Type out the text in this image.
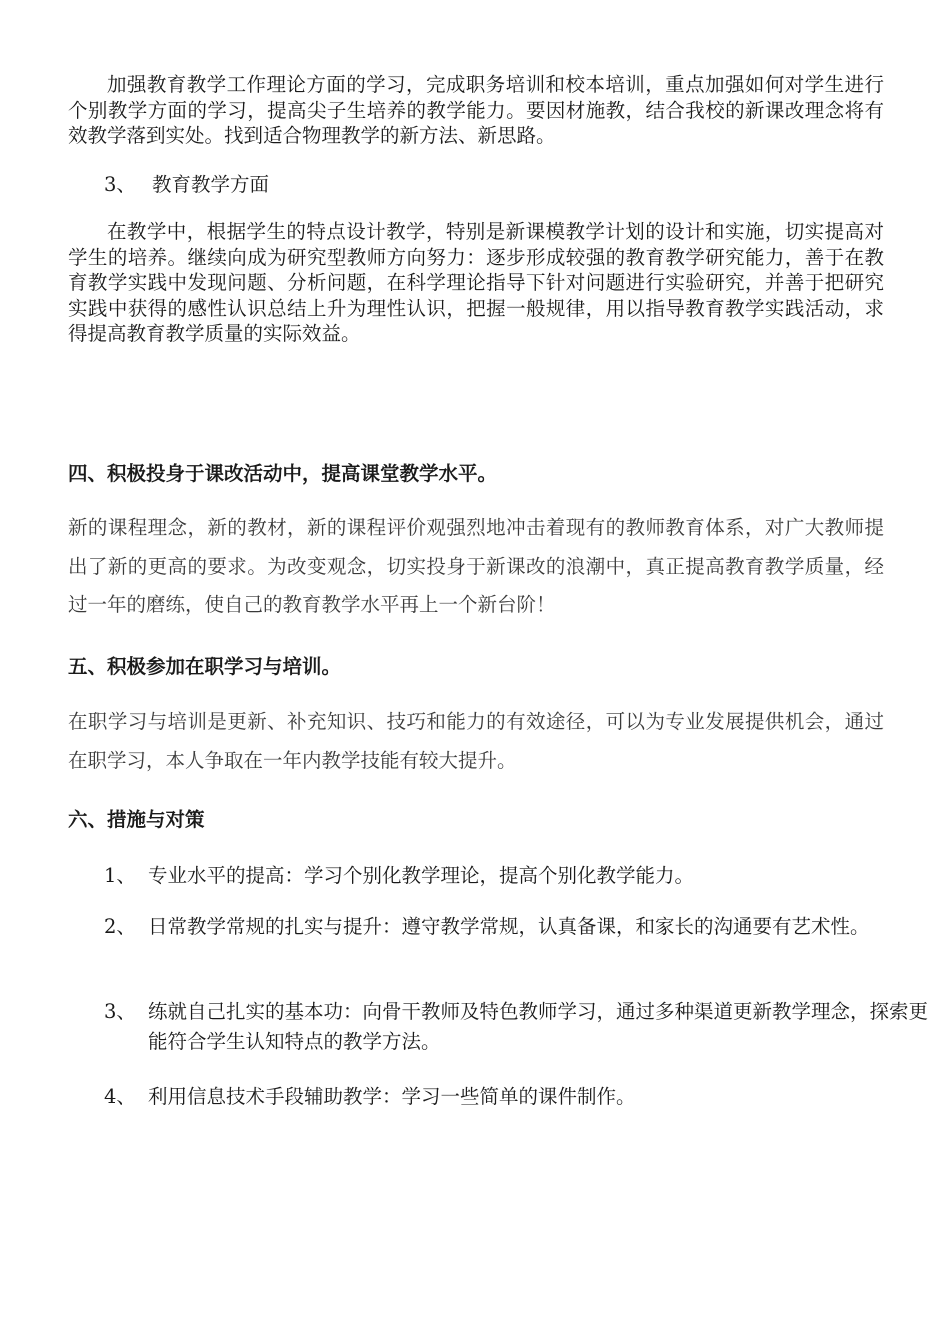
加强教育教学工作理论方面的学习，完成职务培训和校本培训，重点加强如何对学生进行个别教学方面的学习，提高尖子生培养的教学能力。要因材施教，结合我校的新课改理念将有效教学落到实处。找到适合物理教学的新方法、新思路。

3、 教育教学方面

在教学中，根据学生的特点设计教学，特别是新课模教学计划的设计和实施，切实提高对学生的培养。继续向成为研究型教师方向努力：逐步形成较强的教育教学研究能力，善于在教育教学实践中发现问题、分析问题，在科学理论指导下针对问题进行实验研究，并善于把研究实践中获得的感性认识总结上升为理性认识，把握一般规律，用以指导教育教学实践活动，求得提高教育教学质量的实际效益。

四、积极投身于课改活动中，提高课堂教学水平。

新的课程理念，新的教材，新的课程评价观强烈地冲击着现有的教师教育体系，对广大教师提出了新的更高的要求。为改变观念，切实投身于新课改的浪潮中，真正提高教育教学质量，经过一年的磨练，使自己的教育教学水平再上一个新台阶！

五、积极参加在职学习与培训。

在职学习与培训是更新、补充知识、技巧和能力的有效途径，可以为专业发展提供机会，通过在职学习，本人争取在一年内教学技能有较大提升。

六、措施与对策

1、 专业水平的提高：学习个别化教学理论，提高个别化教学能力。

2、 日常教学常规的扎实与提升：遵守教学常规，认真备课，和家长的沟通要有艺术性。

3、 练就自己扎实的基本功：向骨干教师及特色教师学习，通过多种渠道更新教学理念，探索更能符合学生认知特点的教学方法。

4、 利用信息技术手段辅助教学：学习一些简单的课件制作。
